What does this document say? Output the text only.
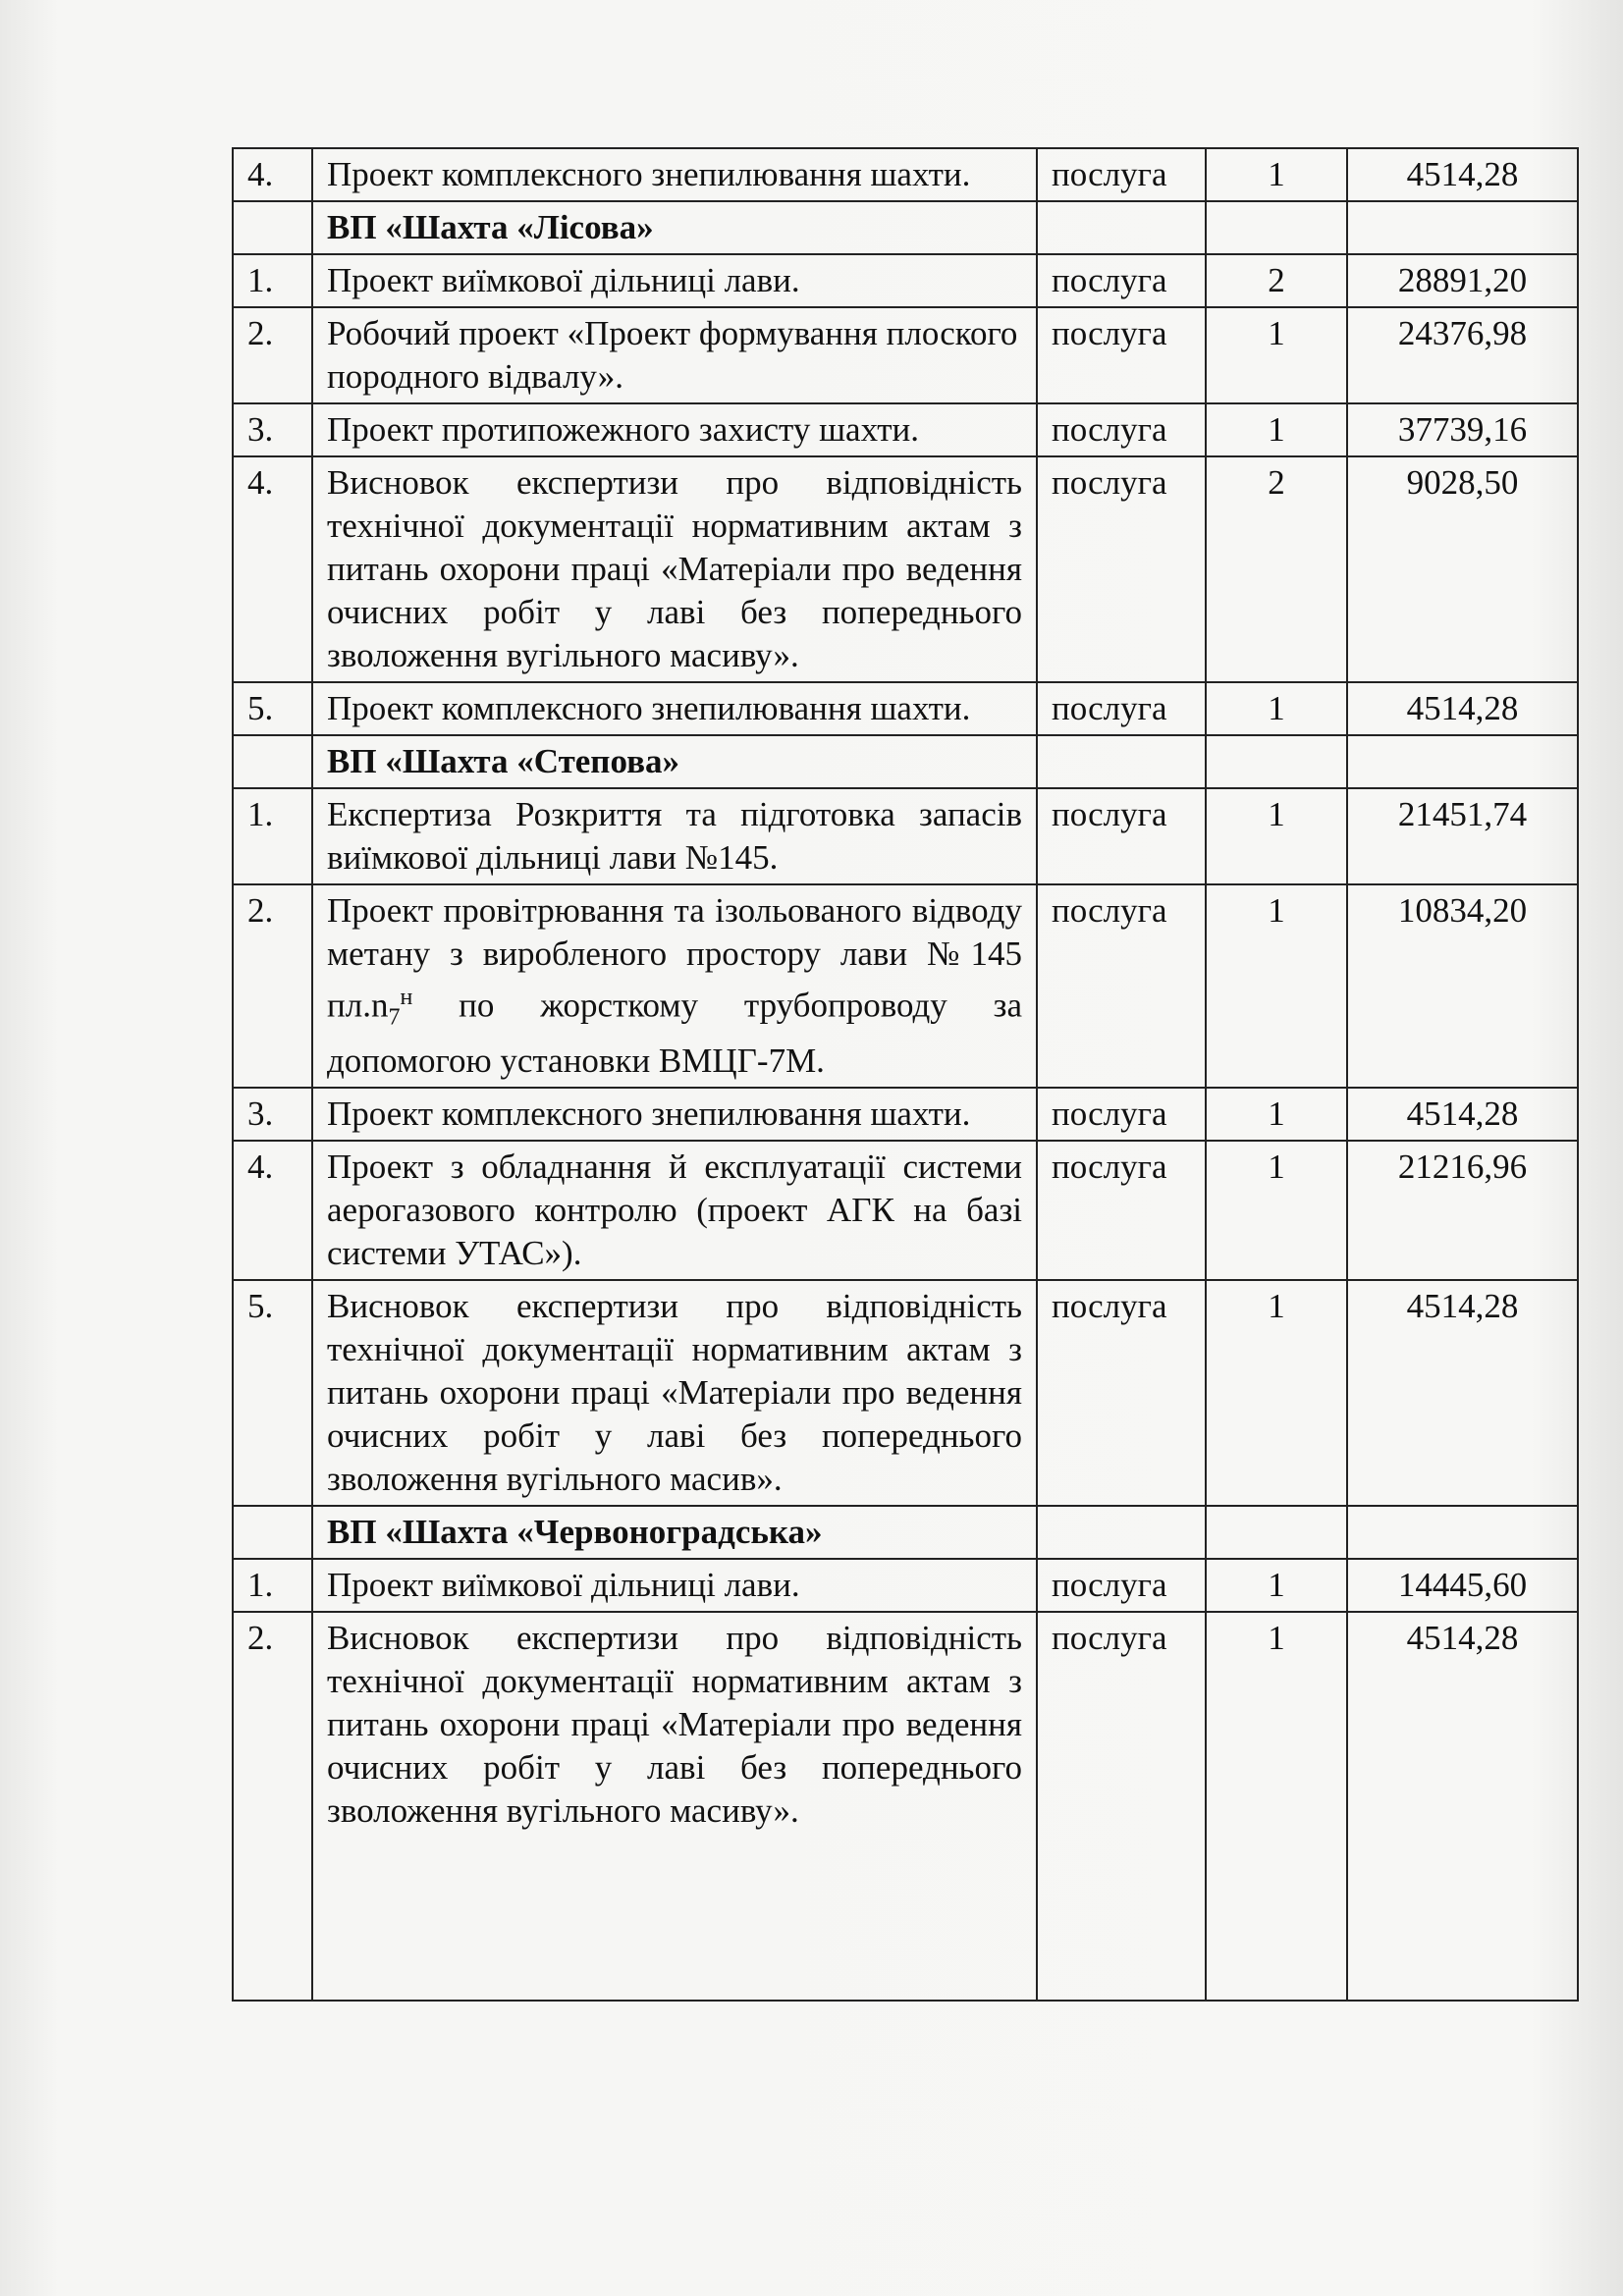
4.	Проект комплексного знепилювання шахти.	послуга	1	4514,28
	ВП «Шахта «Лісова»			
1.	Проект виїмкової дільниці лави.	послуга	2	28891,20
2.	Робочий проект «Проект формування плоского породного відвалу».	послуга	1	24376,98
3.	Проект протипожежного захисту шахти.	послуга	1	37739,16
4.	Висновок експертизи про відповідність технічної документації нормативним актам з питань охорони праці «Матеріали про ведення очисних робіт у лаві без попереднього зволоження вугільного масиву».	послуга	2	9028,50
5.	Проект комплексного знепилювання шахти.	послуга	1	4514,28
	ВП «Шахта «Степова»			
1.	Експертиза Розкриття та підготовка запасів виїмкової дільниці лави №145.	послуга	1	21451,74
2.	Проект провітрювання та ізольованого відводу метану з виробленого простору лави №145 $пл.n_7^н$ по жорсткому трубопроводу за допомогою установки ВМЦГ-7М.	послуга	1	10834,20
3.	Проект комплексного знепилювання шахти.	послуга	1	4514,28
4.	Проект з обладнання й експлуатації системи аерогазового контролю (проект АГК на базі системи УТАС»).	послуга	1	21216,96
5.	Висновок експертизи про відповідність технічної документації нормативним актам з питань охорони праці «Матеріали про ведення очисних робіт у лаві без попереднього зволоження вугільного масив».	послуга	1	4514,28
	ВП «Шахта «Червоноградська»			
1.	Проект виїмкової дільниці лави.	послуга	1	14445,60
2.	Висновок експертизи про відповідність технічної документації нормативним актам з питань охорони праці «Матеріали про ведення очисних робіт у лаві без попереднього зволоження вугільного масиву».	послуга	1	4514,28
